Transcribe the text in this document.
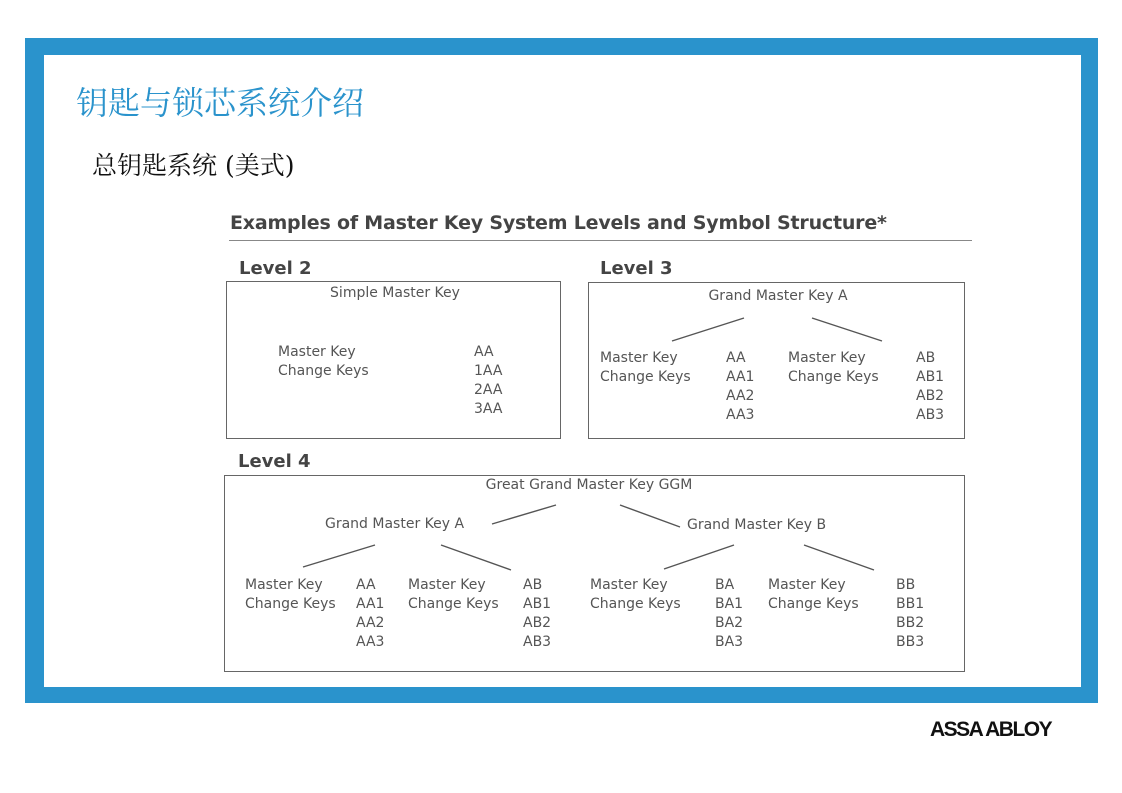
钥匙与锁芯系统介绍
总钥匙系统 (美式)
Examples of Master Key System Levels and Symbol Structure*
Level 2
Simple Master Key
Master Key
Change Keys
AA
1AA
2AA
3AA
Level 3
Grand Master Key A
Master Key
Change Keys
AA
AA1
AA2
AA3
Master Key
Change Keys
AB
AB1
AB2
AB3
Level 4
Great Grand Master Key GGM
Grand Master Key A	Grand Master Key B
Master Key
Change Keys
AA
AA1
AA2
AA3
Master Key
Change Keys
AB
AB1
AB2
AB3
Master Key
Change Keys
BA
BA1
BA2
BA3
Master Key
Change Keys
BB
BB1
BB2
BB3
ASSA ABLOY
